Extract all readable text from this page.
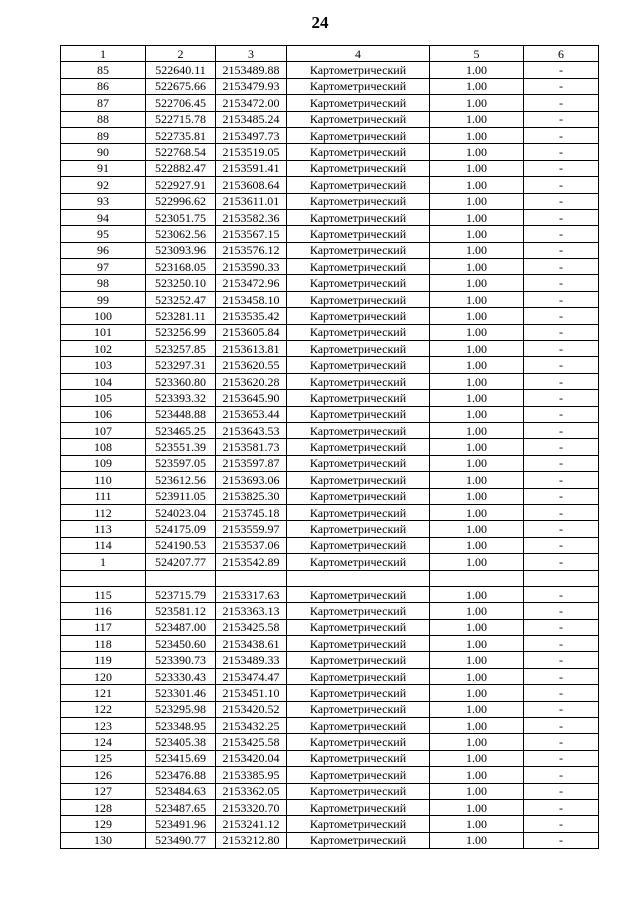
24
1	2	3	4	5	6
85	522640.11	2153489.88	Картометрический	1.00	-
86	522675.66	2153479.93	Картометрический	1.00	-
87	522706.45	2153472.00	Картометрический	1.00	-
88	522715.78	2153485.24	Картометрический	1.00	-
89	522735.81	2153497.73	Картометрический	1.00	-
90	522768.54	2153519.05	Картометрический	1.00	-
91	522882.47	2153591.41	Картометрический	1.00	-
92	522927.91	2153608.64	Картометрический	1.00	-
93	522996.62	2153611.01	Картометрический	1.00	-
94	523051.75	2153582.36	Картометрический	1.00	-
95	523062.56	2153567.15	Картометрический	1.00	-
96	523093.96	2153576.12	Картометрический	1.00	-
97	523168.05	2153590.33	Картометрический	1.00	-
98	523250.10	2153472.96	Картометрический	1.00	-
99	523252.47	2153458.10	Картометрический	1.00	-
100	523281.11	2153535.42	Картометрический	1.00	-
101	523256.99	2153605.84	Картометрический	1.00	-
102	523257.85	2153613.81	Картометрический	1.00	-
103	523297.31	2153620.55	Картометрический	1.00	-
104	523360.80	2153620.28	Картометрический	1.00	-
105	523393.32	2153645.90	Картометрический	1.00	-
106	523448.88	2153653.44	Картометрический	1.00	-
107	523465.25	2153643.53	Картометрический	1.00	-
108	523551.39	2153581.73	Картометрический	1.00	-
109	523597.05	2153597.87	Картометрический	1.00	-
110	523612.56	2153693.06	Картометрический	1.00	-
111	523911.05	2153825.30	Картометрический	1.00	-
112	524023.04	2153745.18	Картометрический	1.00	-
113	524175.09	2153559.97	Картометрический	1.00	-
114	524190.53	2153537.06	Картометрический	1.00	-
1	524207.77	2153542.89	Картометрический	1.00	-

115	523715.79	2153317.63	Картометрический	1.00	-
116	523581.12	2153363.13	Картометрический	1.00	-
117	523487.00	2153425.58	Картометрический	1.00	-
118	523450.60	2153438.61	Картометрический	1.00	-
119	523390.73	2153489.33	Картометрический	1.00	-
120	523330.43	2153474.47	Картометрический	1.00	-
121	523301.46	2153451.10	Картометрический	1.00	-
122	523295.98	2153420.52	Картометрический	1.00	-
123	523348.95	2153432.25	Картометрический	1.00	-
124	523405.38	2153425.58	Картометрический	1.00	-
125	523415.69	2153420.04	Картометрический	1.00	-
126	523476.88	2153385.95	Картометрический	1.00	-
127	523484.63	2153362.05	Картометрический	1.00	-
128	523487.65	2153320.70	Картометрический	1.00	-
129	523491.96	2153241.12	Картометрический	1.00	-
130	523490.77	2153212.80	Картометрический	1.00	-
